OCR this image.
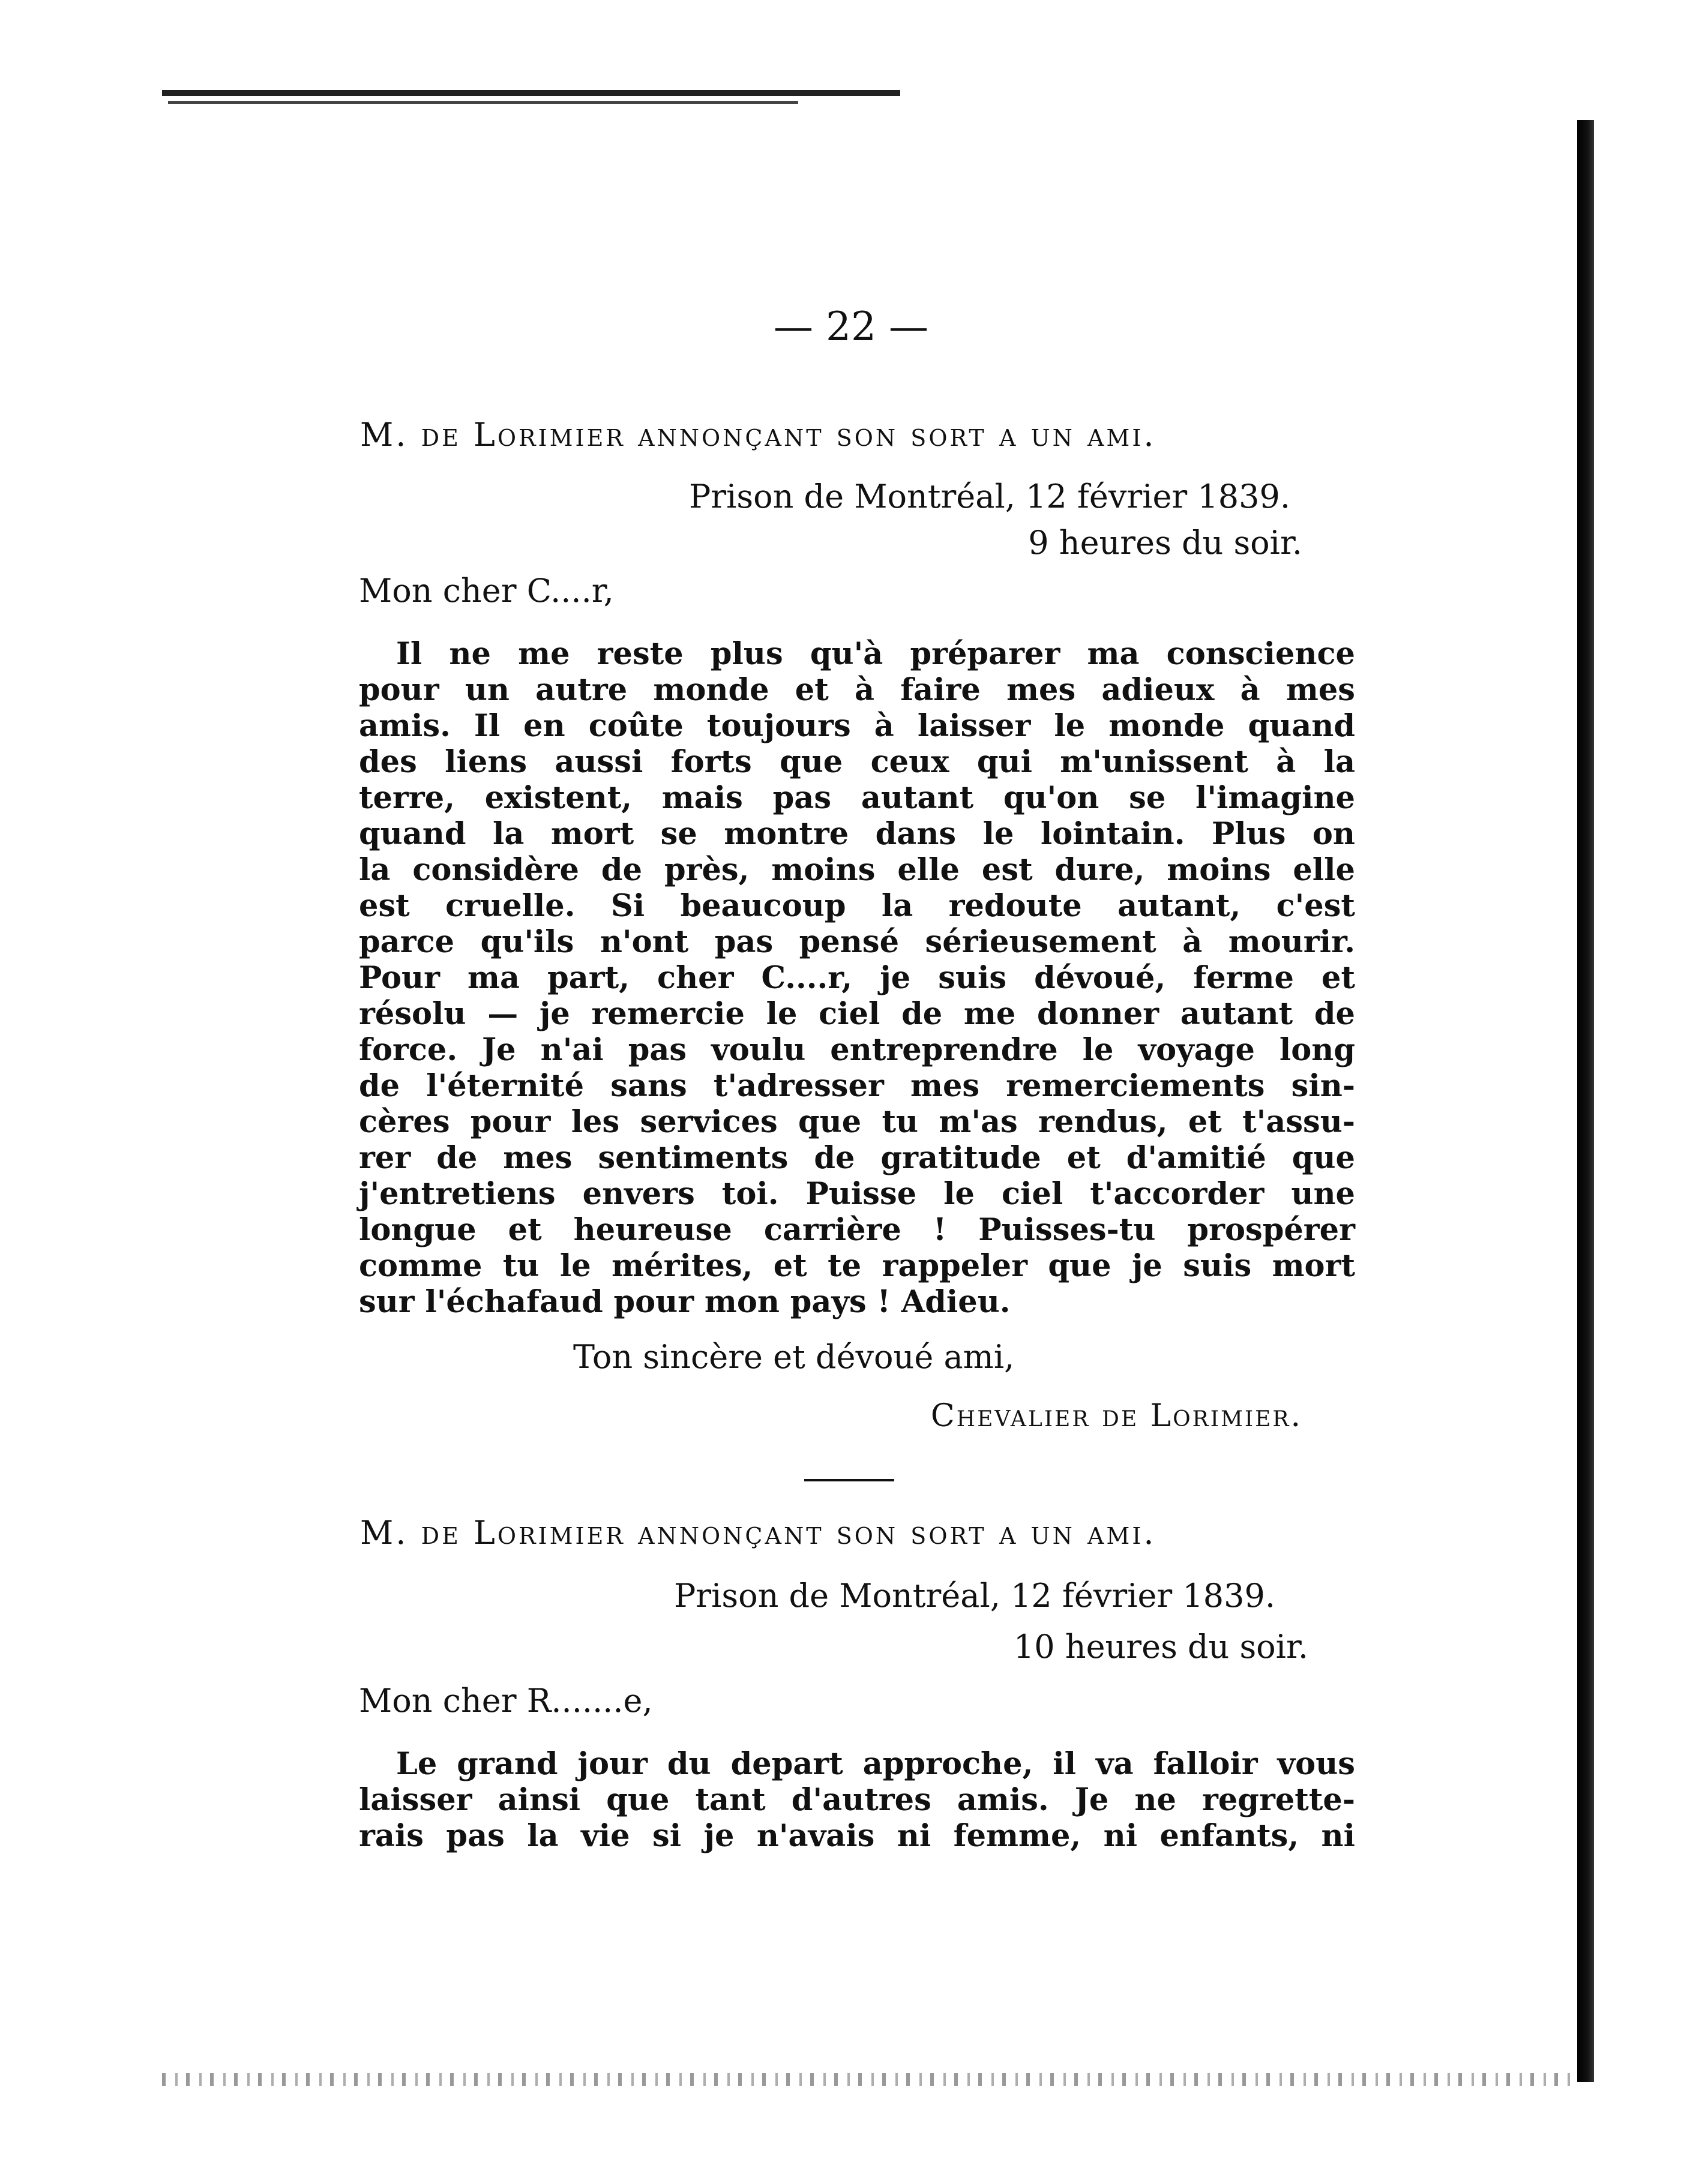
— 22 —
M. de Lorimier annonçant son sort a un ami.
Prison de Montréal, 12 février 1839.
9 heures du soir.
Mon cher C....r,
Il ne me reste plus qu'à préparer ma conscience
pour un autre monde et à faire mes adieux à mes
amis. Il en coûte toujours à laisser le monde quand
des liens aussi forts que ceux qui m'unissent à la
terre, existent, mais pas autant qu'on se l'imagine
quand la mort se montre dans le lointain. Plus on
la considère de près, moins elle est dure, moins elle
est cruelle. Si beaucoup la redoute autant, c'est
parce qu'ils n'ont pas pensé sérieusement à mourir.
Pour ma part, cher C....r, je suis dévoué, ferme et
résolu — je remercie le ciel de me donner autant de
force. Je n'ai pas voulu entreprendre le voyage long
de l'éternité sans t'adresser mes remerciements sin-
cères pour les services que tu m'as rendus, et t'assu-
rer de mes sentiments de gratitude et d'amitié que
j'entretiens envers toi. Puisse le ciel t'accorder une
longue et heureuse carrière ! Puisses-tu prospérer
comme tu le mérites, et te rappeler que je suis mort
sur l'échafaud pour mon pays ! Adieu.
Ton sincère et dévoué ami,
Chevalier de Lorimier.
M. de Lorimier annonçant son sort a un ami.
Prison de Montréal, 12 février 1839.
10 heures du soir.
Mon cher R.......e,
Le grand jour du depart approche, il va falloir vous
laisser ainsi que tant d'autres amis. Je ne regrette-
rais pas la vie si je n'avais ni femme, ni enfants, ni
